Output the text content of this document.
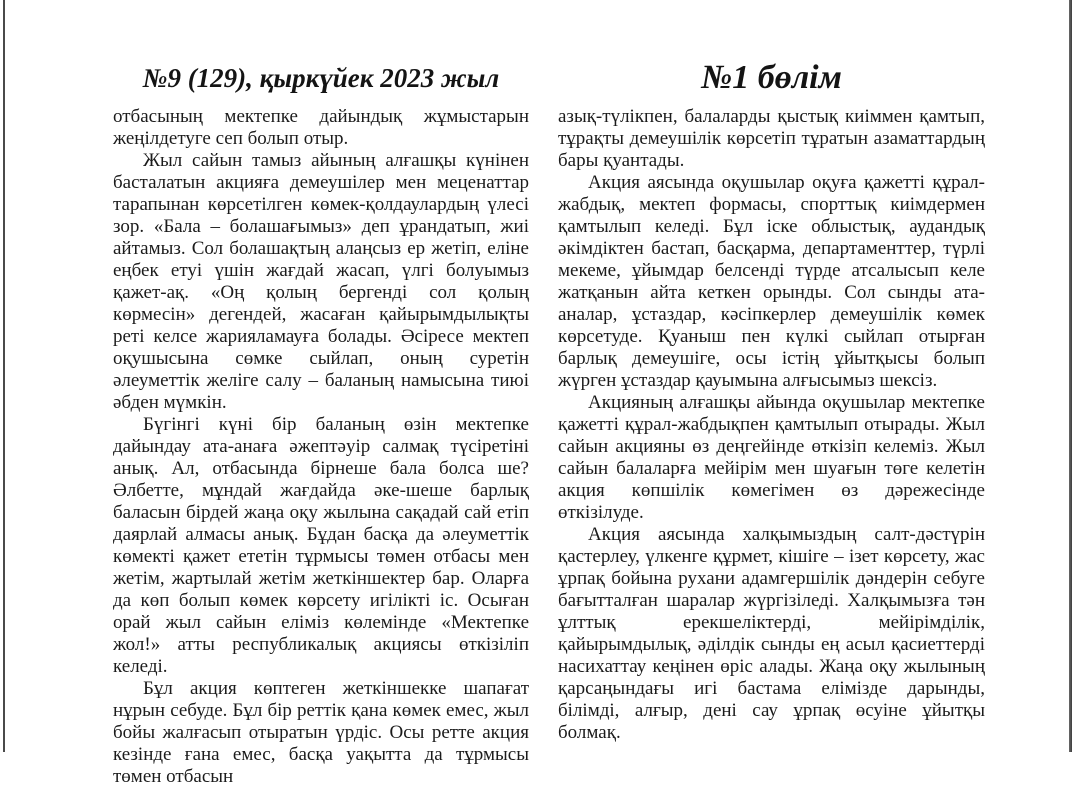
№9 (129), қыркүйек 2023 жыл

отбасының мектепке дайындық жұмыстарын жеңілдетуге сеп болып отыр.

Жыл сайын тамыз айының алғашқы күнінен басталатын акцияға демеушілер мен меценаттар тарапынан көрсетілген көмек-қолдаулардың үлесі зор. «Бала – болашағымыз» деп ұрандатып, жиі айтамыз. Сол болашақтың алаңсыз ер жетіп, еліне еңбек етуі үшін жағдай жасап, үлгі болуымыз қажет-ақ. «Оң қолың бергенді сол қолың көрмесін» дегендей, жасаған қайырымдылықты реті келсе жарияламауға болады. Әсіресе мектеп оқушысына сөмке сыйлап, оның суретін әлеуметтік желіге салу – баланың намысына тиюі әбден мүмкін.

Бүгінгі күні бір баланың өзін мектепке дайындау ата-анаға әжептәуір салмақ түсіретіні анық. Ал, отбасында бірнеше бала болса ше? Әлбетте, мұндай жағдайда әке-шеше барлық баласын бірдей жаңа оқу жылына сақадай сай етіп даярлай алмасы анық. Бұдан басқа да әлеуметтік көмекті қажет ететін тұрмысы төмен отбасы мен жетім, жартылай жетім жеткіншектер бар. Оларға да көп болып көмек көрсету игілікті іс. Осыған орай жыл сайын еліміз көлемінде «Мектепке жол!» атты республикалық акциясы өткізіліп келеді.

Бұл акция көптеген жеткіншекке шапағат нұрын себуде. Бұл бір реттік қана көмек емес, жыл бойы жалғасып отыратын үрдіс. Осы ретте акция кезінде ғана емес, басқа уақытта да тұрмысы төмен отбасын

№1 бөлім

азық-түлікпен, балаларды қыстық киіммен қамтып, тұрақты демеушілік көрсетіп тұратын азаматтардың бары қуантады.

Акция аясында оқушылар оқуға қажетті құрал-жабдық, мектеп формасы, спорттық киімдермен қамтылып келеді. Бұл іске облыстық, аудандық әкімдіктен бастап, басқарма, департаменттер, түрлі мекеме, ұйымдар белсенді түрде атсалысып келе жатқанын айта кеткен орынды. Сол сынды ата-аналар, ұстаздар, кәсіпкерлер демеушілік көмек көрсетуде. Қуаныш пен күлкі сыйлап отырған барлық демеушіге, осы істің ұйытқысы болып жүрген ұстаздар қауымына алғысымыз шексіз.

Акцияның алғашқы айында оқушылар мектепке қажетті құрал-жабдықпен қамтылып отырады. Жыл сайын акцияны өз деңгейінде өткізіп келеміз. Жыл сайын балаларға мейірім мен шуағын төге келетін акция көпшілік көмегімен өз дәрежесінде өткізілуде.

Акция аясында халқымыздың салт-дәстүрін қастерлеу, үлкенге құрмет, кішіге – ізет көрсету, жас ұрпақ бойына рухани адамгершілік дәндерін себуге бағытталған шаралар жүргізіледі. Халқымызға тән ұлттық ерекшеліктерді, мейірімділік, қайырымдылық, әділдік сынды ең асыл қасиеттерді насихаттау кеңінен өріс алады. Жаңа оқу жылының қарсаңындағы игі бастама елімізде дарынды, білімді, алғыр, дені сау ұрпақ өсуіне ұйытқы болмақ.
